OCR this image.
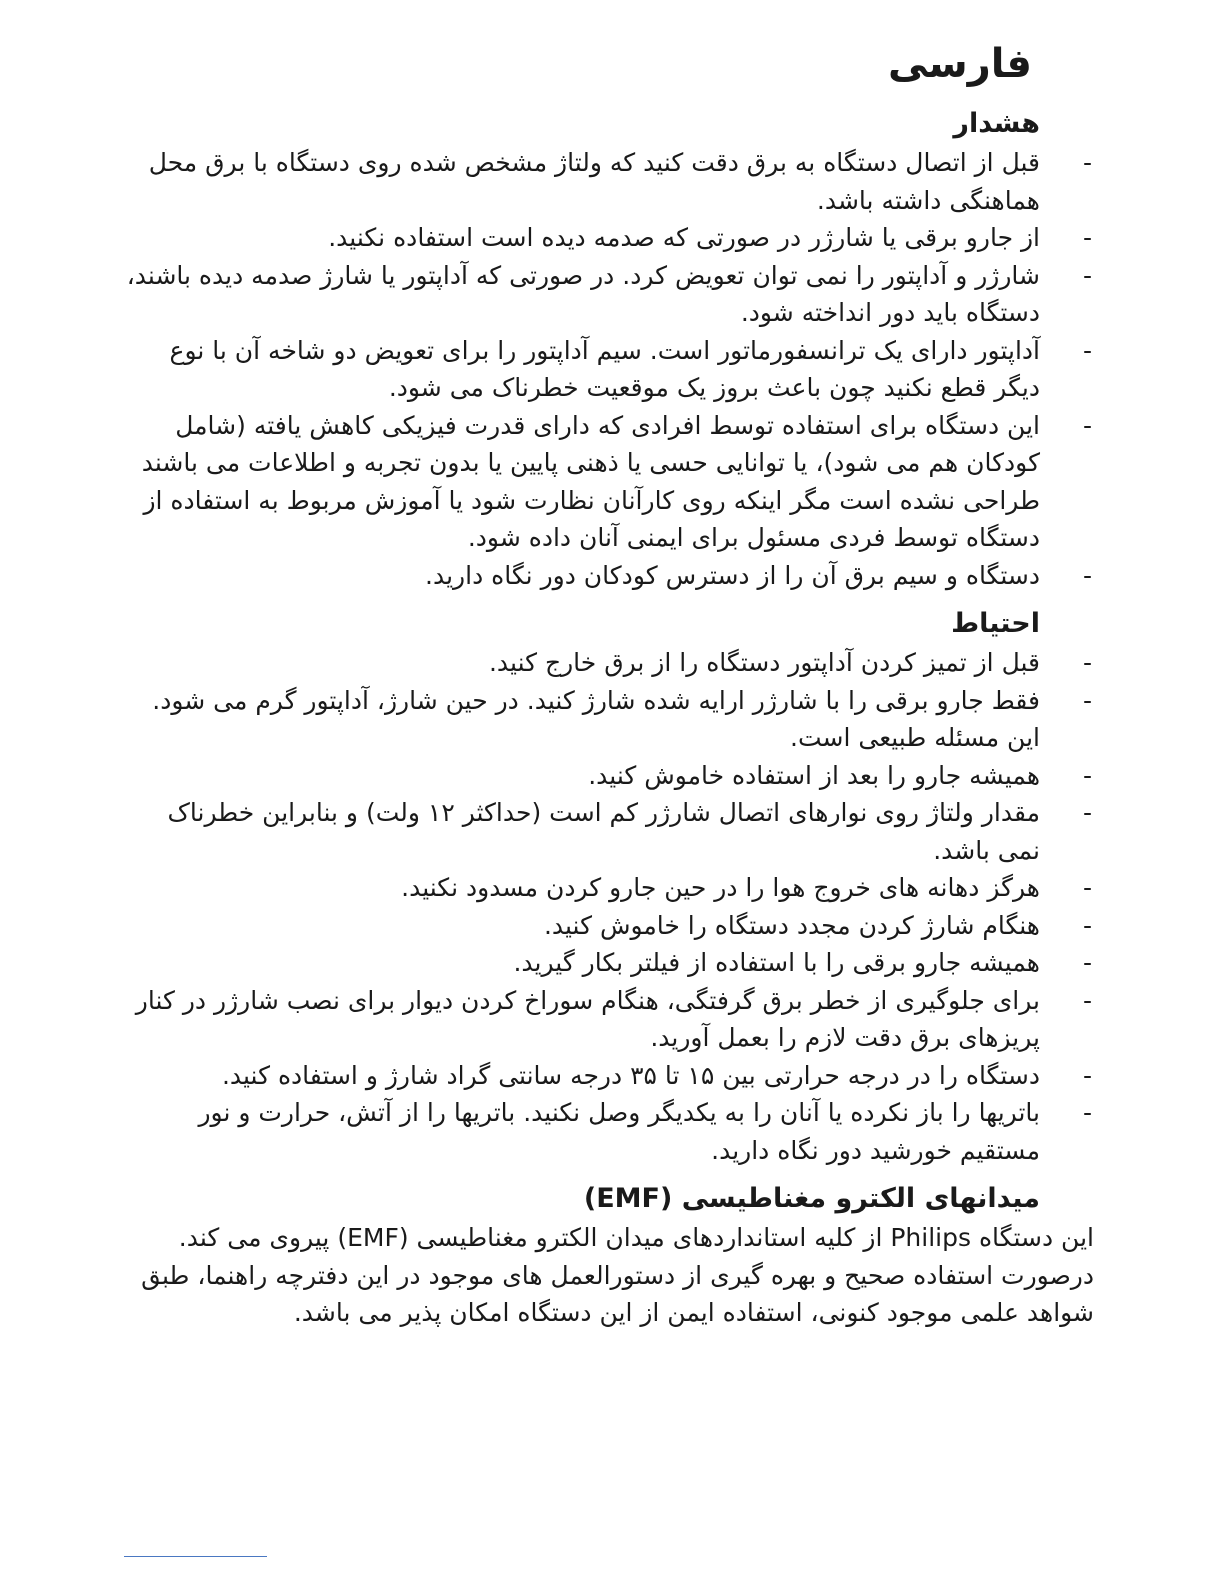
فارسی
هشدار
-
قبل از اتصال دستگاه به برق دقت کنید که ولتاژ مشخص شده روی دستگاه با برق محل هماهنگی داشته باشد.
-
از جارو برقی یا شارژر در صورتی که صدمه دیده است استفاده نکنید.
-
شارژر و آداپتور را نمی توان تعویض کرد. در صورتی که آداپتور یا شارژ صدمه دیده باشند، دستگاه باید دور انداخته شود.
-
آداپتور دارای یک ترانسفورماتور است. سیم آداپتور را برای تعویض دو شاخه آن با نوع دیگر قطع نکنید چون باعث بروز یک موقعیت خطرناک می شود.
-
این دستگاه برای استفاده توسط افرادی که دارای قدرت فیزیکی کاهش یافته (شامل کودکان هم می شود)، یا توانایی حسی یا ذهنی پایین یا بدون تجربه و اطلاعات می باشند طراحی نشده است مگر اینکه روی کارآنان نظارت شود یا آموزش مربوط به استفاده از دستگاه توسط فردی مسئول برای ایمنی آنان داده شود.
-
دستگاه و سیم برق آن را از دسترس کودکان دور نگاه دارید.
احتیاط
-
قبل از تمیز کردن آداپتور دستگاه را از برق خارج کنید.
-
فقط جارو برقی را با شارژر ارایه شده شارژ کنید. در حین شارژ، آداپتور گرم می شود. این مسئله طبیعی است.
-
همیشه جارو را بعد از استفاده خاموش کنید.
-
مقدار ولتاژ روی نوارهای اتصال شارژر کم است (حداکثر ۱۲ ولت) و بنابراین خطرناک نمی باشد.
-
هرگز دهانه های خروج هوا را در حین جارو کردن مسدود نکنید.
-
هنگام شارژ کردن مجدد دستگاه را خاموش کنید.
-
همیشه جارو برقی را با استفاده از فیلتر بکار گیرید.
-
برای جلوگیری از خطر برق گرفتگی، هنگام سوراخ کردن دیوار برای نصب شارژر در کنار پریزهای برق دقت لازم را بعمل آورید.
-
دستگاه را در درجه حرارتی بین ۱۵ تا ۳۵ درجه سانتی گراد شارژ و استفاده کنید.
-
باتریها را باز نکرده یا آنان را به یکدیگر وصل نکنید. باتریها را از آتش، حرارت و نور مستقیم خورشید دور نگاه دارید.
میدانهای الکترو مغناطیسی (EMF)

این دستگاه Philips از کلیه استانداردهای میدان الکترو مغناطیسی (EMF) پیروی می کند.

درصورت استفاده صحیح و بهره گیری از دستورالعمل های موجود در این دفترچه راهنما، طبق شواهد علمی موجود کنونی، استفاده ایمن از این دستگاه امکان پذیر می باشد.
